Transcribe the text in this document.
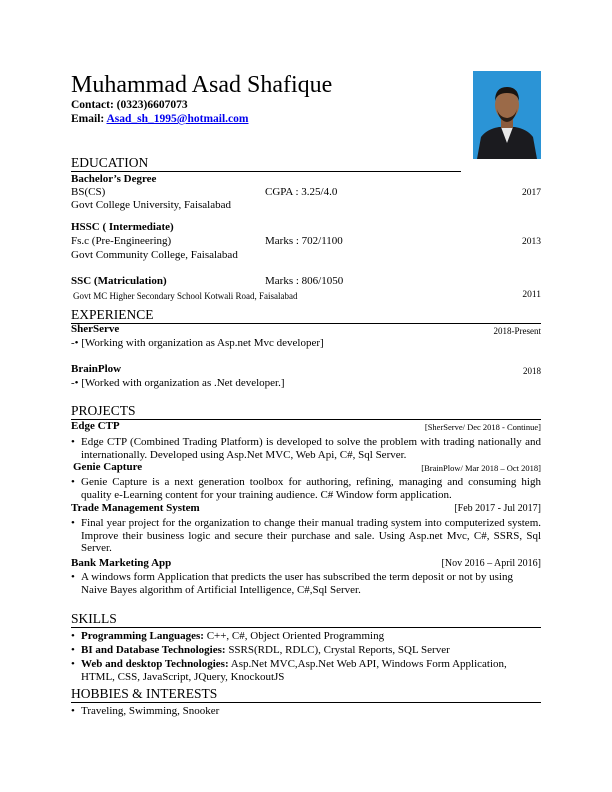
Muhammad Asad Shafique
Contact: (0323)6607073
Email: Asad_sh_1995@hotmail.com
EDUCATION
Bachelor’s Degree
BS(CS)	CGPA : 3.25/4.0	2017
Govt College University, Faisalabad
HSSC ( Intermediate)
Fs.c (Pre-Engineering)	Marks : 702/1100	2013
Govt Community College, Faisalabad
SSC (Matriculation)	Marks : 806/1050
Govt MC Higher Secondary School Kotwali Road, Faisalabad	2011
EXPERIENCE
SherServe	2018-Present
-• [Working with organization as Asp.net Mvc developer]
BrainPlow	2018
-• [Worked with organization as .Net developer.]
PROJECTS
Edge CTP	[SherServe/ Dec 2018 - Continue]
• Edge CTP (Combined Trading Platform) is developed to solve the problem with trading nationally and internationally. Developed using Asp.Net MVC, Web Api, C#, Sql Server.
Genie Capture	[BrainPlow/ Mar 2018 – Oct 2018]
• Genie Capture is a next generation toolbox for authoring, refining, managing and consuming high quality e-Learning content for your training audience. C# Window form application.
Trade Management System	[Feb 2017 - Jul 2017]
• Final year project for the organization to change their manual trading system into computerized system. Improve their business logic and secure their purchase and sale. Using Asp.net Mvc, C#, SSRS, Sql Server.
Bank Marketing App	[Nov 2016 – April 2016]
• A windows form Application that predicts the user has subscribed the term deposit or not by using Naive Bayes algorithm of Artificial Intelligence, C#,Sql Server.
SKILLS
• Programming Languages: C++, C#, Object Oriented Programming
• BI and Database Technologies: SSRS(RDL, RDLC), Crystal Reports, SQL Server
• Web and desktop Technologies: Asp.Net MVC,Asp.Net Web API, Windows Form Application, HTML, CSS, JavaScript, JQuery, KnockoutJS
HOBBIES & INTERESTS
• Traveling, Swimming, Snooker
